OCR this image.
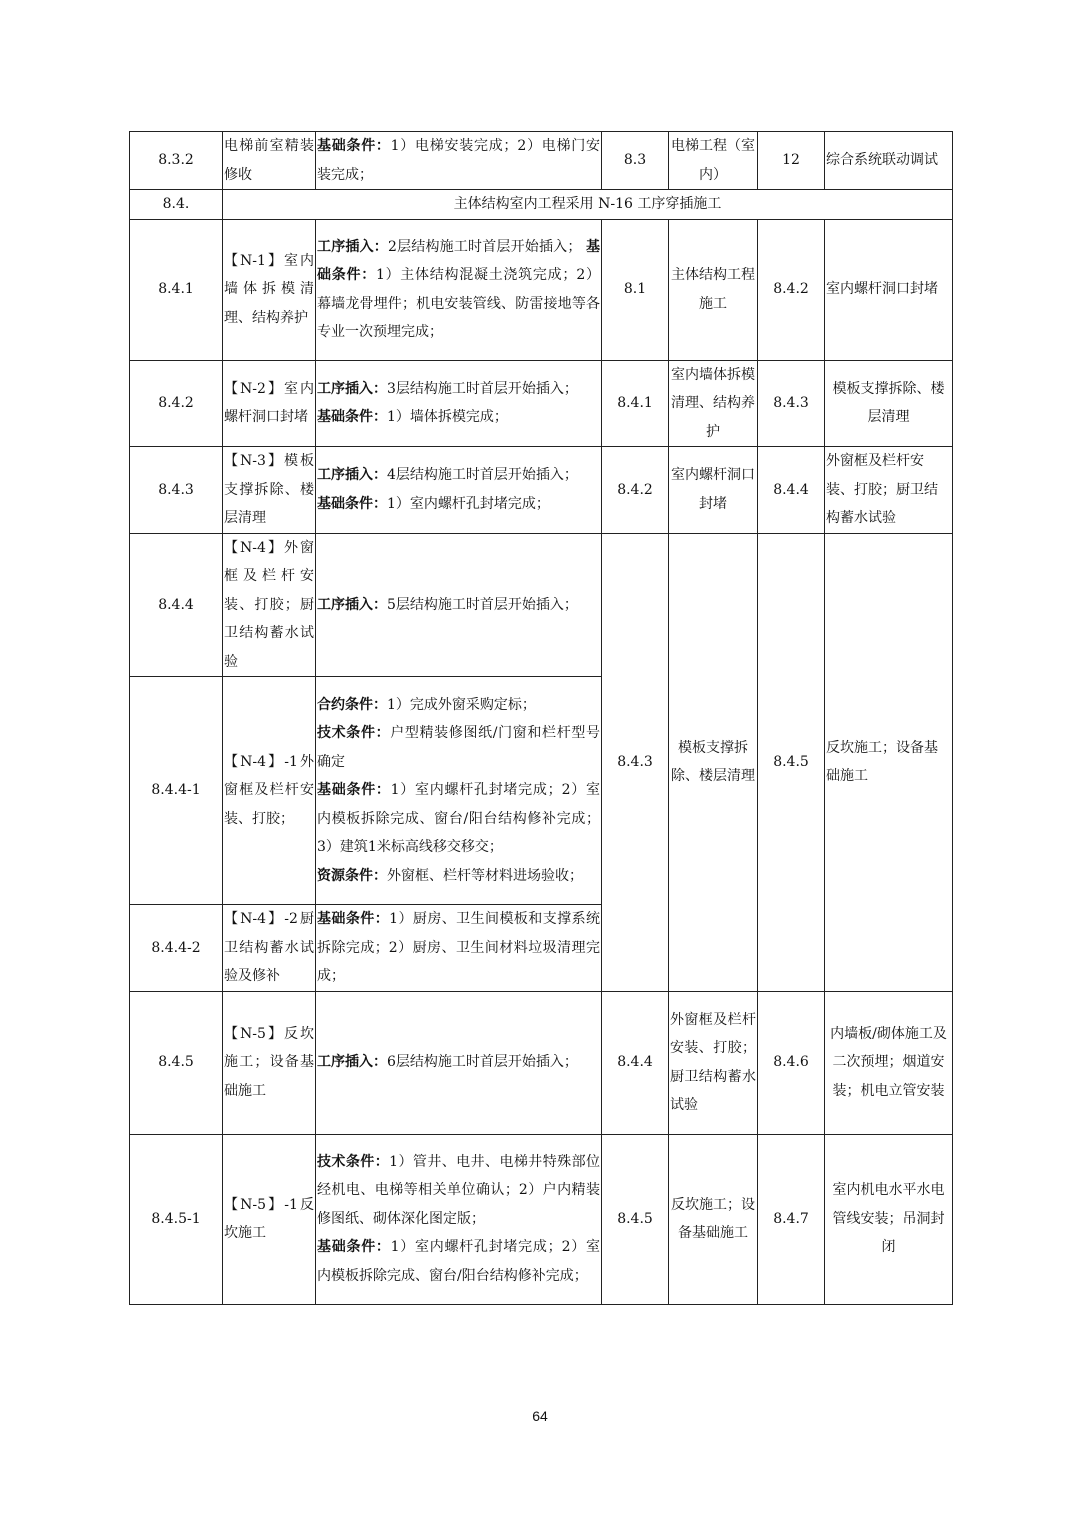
8.3.2	电梯前室精装修收	基础条件：1）电梯安装完成；2）电梯门安装完成；	8.3	电梯工程（室内）	12	综合系统联动调试
8.4.	主体结构室内工程采用 N-16 工序穿插施工					
8.4.1	【N-1】室内墙体拆模清理、结构养护	工序插入：2层结构施工时首层开始插入； 基础条件：1）主体结构混凝土浇筑完成；2）幕墙龙骨埋件；机电安装管线、防雷接地等各专业一次预埋完成；	8.1	主体结构工程施工	8.4.2	室内螺杆洞口封堵
8.4.2	【N-2】室内螺杆洞口封堵	工序插入：3层结构施工时首层开始插入；
基础条件：1）墙体拆模完成；	8.4.1	室内墙体拆模清理、结构养护	8.4.3	模板支撑拆除、楼层清理
8.4.3	【N-3】模板支撑拆除、楼层清理	工序插入：4层结构施工时首层开始插入；
基础条件：1）室内螺杆孔封堵完成；	8.4.2	室内螺杆洞口封堵	8.4.4	外窗框及栏杆安装、打胶；厨卫结构蓄水试验
8.4.4	【N-4】外窗框及栏杆安装、打胶；厨卫结构蓄水试验	工序插入：5层结构施工时首层开始插入；	8.4.3	模板支撑拆除、楼层清理	8.4.5	反坎施工；设备基础施工
8.4.4-1	【N-4】-1外窗框及栏杆安装、打胶；	合约条件：1）完成外窗采购定标；
技术条件：户型精装修图纸/门窗和栏杆型号确定
基础条件：1）室内螺杆孔封堵完成；2）室内模板拆除完成、窗台/阳台结构修补完成；3）建筑1米标高线移交移交；
资源条件：外窗框、栏杆等材料进场验收；				

8.4.4-2	【N-4】-2厨卫结构蓄水试验及修补	基础条件：1）厨房、卫生间模板和支撑系统拆除完成；2）厨房、卫生间材料垃圾清理完成；				
8.4.5	【N-5】反坎施工；设备基础施工	工序插入：6层结构施工时首层开始插入；	8.4.4	外窗框及栏杆安装、打胶；厨卫结构蓄水试验	8.4.6	内墙板/砌体施工及二次预埋；烟道安装；机电立管安装
8.4.5-1	【N-5】-1反坎施工	技术条件：1）管井、电井、电梯井特殊部位经机电、电梯等相关单位确认；2）户内精装修图纸、砌体深化图定版；
基础条件：1）室内螺杆孔封堵完成；2）室内模板拆除完成、窗台/阳台结构修补完成；	8.4.5	反坎施工；设备基础施工	8.4.7	室内机电水平水电管线安装；吊洞封闭
64
